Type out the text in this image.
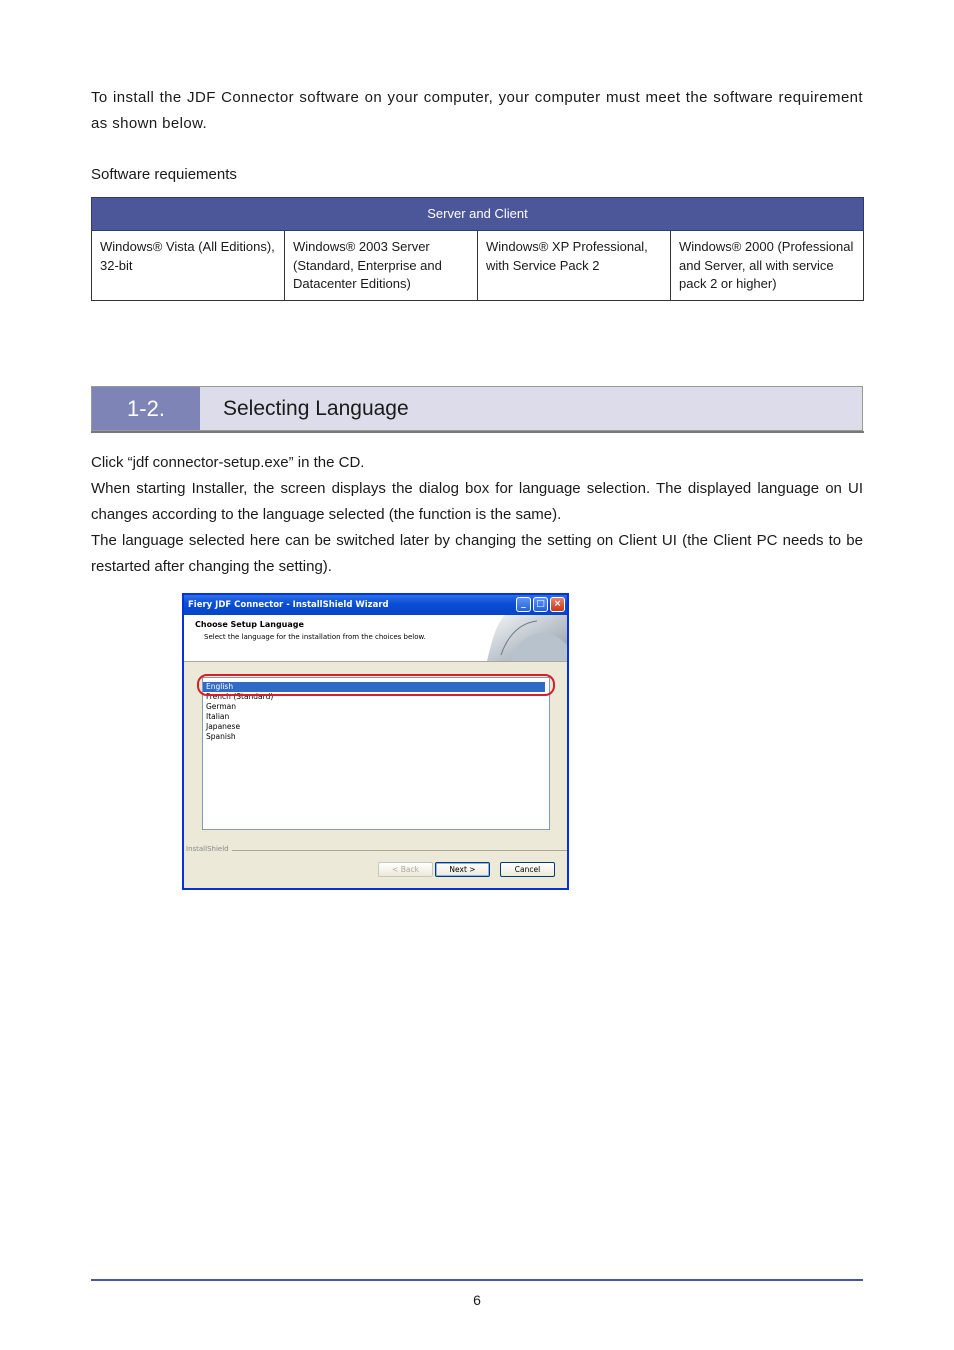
To install the JDF Connector software on your computer, your computer must meet the software requirement as shown below.

Software requiements

Server and Client
Windows® Vista (All Editions), 32-bit	Windows® 2003 Server (Standard, Enterprise and Datacenter Editions)	Windows® XP Professional, with Service Pack 2	Windows® 2000 (Professional and Server, all with service pack 2 or higher)
1-2.	Selecting Language

Click “jdf connector-setup.exe” in the CD.
When starting Installer, the screen displays the dialog box for language selection. The displayed language on UI changes according to the language selected (the function is the same).
The language selected here can be switched later by changing the setting on Client UI (the Client PC needs to be restarted after changing the setting).

Fiery JDF Connector - InstallShield Wizard	_	□ ×
Choose Setup Language
Select the language for the installation from the choices below.
English
French (Standard)
German
Italian
Japanese
Spanish
InstallShield
< Back	Next >	Cancel
6
